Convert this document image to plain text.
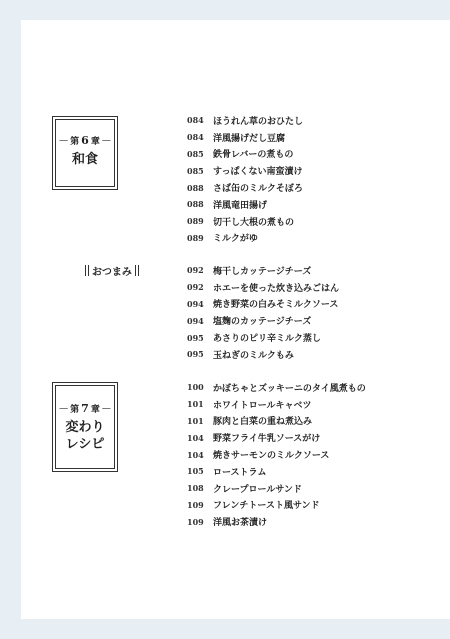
— 第 6 章 —
和食
084	ほうれん草のおひたし
084	洋風揚げだし豆腐
085	鉄骨レバーの煮もの
085	すっぱくない南蛮漬け
088	さば缶のミルクそぼろ
088	洋風竜田揚げ
089	切干し大根の煮もの
089	ミルクがゆ
おつまみ	092	梅干しカッテージチーズ
092	ホエーを使った炊き込みごはん
094	焼き野菜の白みそミルクソース
094	塩麹のカッテージチーズ
095	あさりのピリ辛ミルク蒸し
095	玉ねぎのミルクもみ
— 第 7 章 —
変わり
レシピ
100	かぼちゃとズッキーニのタイ風煮もの
101	ホワイトロールキャベツ
101	豚肉と白菜の重ね煮込み
104	野菜フライ牛乳ソースがけ
104	焼きサーモンのミルクソース
105	ローストラム
108	クレープロールサンド
109	フレンチトースト風サンド
109	洋風お茶漬け
